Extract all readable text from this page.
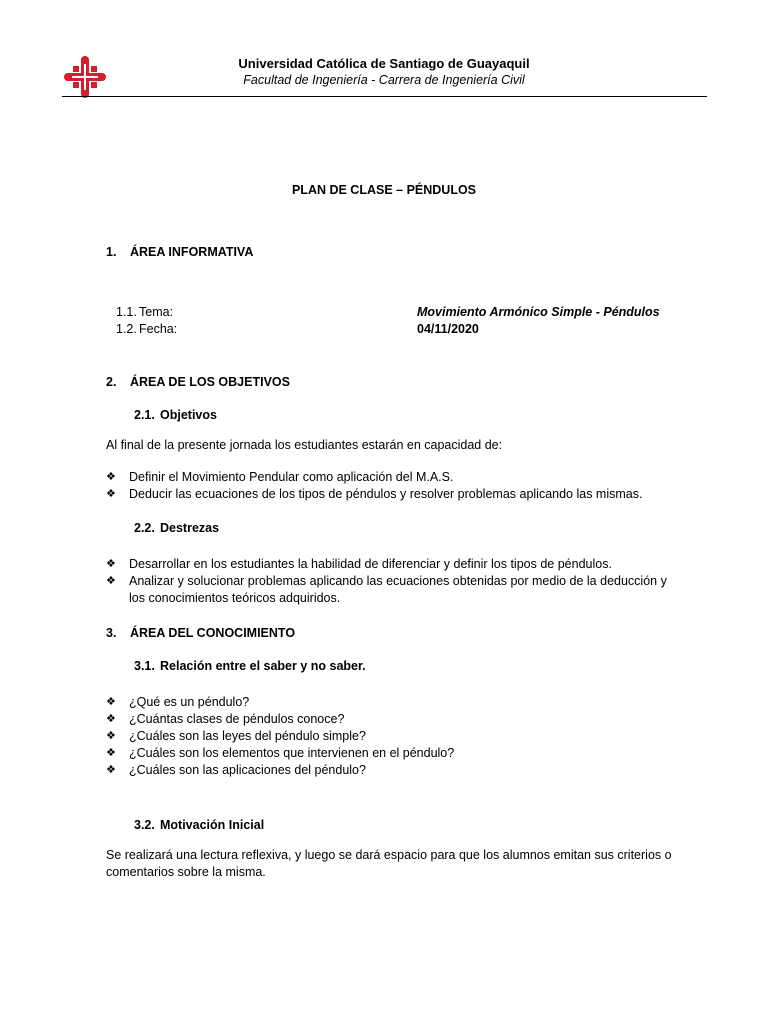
Universidad Católica de Santiago de Guayaquil
Facultad de Ingeniería - Carrera de Ingeniería Civil
PLAN DE CLASE – PÉNDULOS
1. ÁREA INFORMATIVA
1.1. Tema:	Movimiento Armónico Simple - Péndulos
1.2. Fecha:	04/11/2020
2. ÁREA DE LOS OBJETIVOS
2.1. Objetivos
Al final de la presente jornada los estudiantes estarán en capacidad de:
❖ Definir el Movimiento Pendular como aplicación del M.A.S.
❖ Deducir las ecuaciones de los tipos de péndulos y resolver problemas aplicando las mismas.
2.2. Destrezas
❖ Desarrollar en los estudiantes la habilidad de diferenciar y definir los tipos de péndulos.
❖ Analizar y solucionar problemas aplicando las ecuaciones obtenidas por medio de la deducción y los conocimientos teóricos adquiridos.
3. ÁREA DEL CONOCIMIENTO
3.1. Relación entre el saber y no saber.
❖ ¿Qué es un péndulo?
❖ ¿Cuántas clases de péndulos conoce?
❖ ¿Cuáles son las leyes del péndulo simple?
❖ ¿Cuáles son los elementos que intervienen en el péndulo?
❖ ¿Cuáles son las aplicaciones del péndulo?
3.2. Motivación Inicial
Se realizará una lectura reflexiva, y luego se dará espacio para que los alumnos emitan sus criterios o comentarios sobre la misma.
